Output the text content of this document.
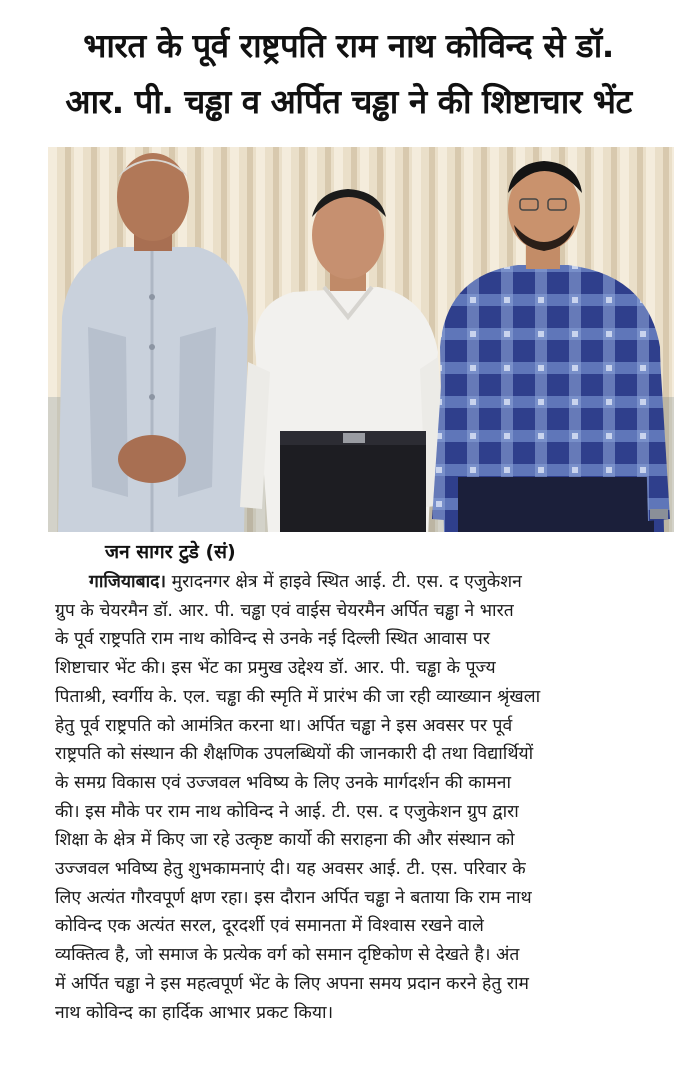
भारत के पूर्व राष्ट्रपति राम नाथ कोविन्द से डॉ.
आर. पी. चड्ढा व अर्पित चड्ढा ने की शिष्टाचार भेंट

जन सागर टुडे (सं)

गाजियाबाद। मुरादनगर क्षेत्र में हाइवे स्थित आई. टी. एस. द एजुकेशन
ग्रुप के चेयरमैन डॉ. आर. पी. चड्ढा एवं वाईस चेयरमैन अर्पित चड्ढा ने भारत
के पूर्व राष्ट्रपति राम नाथ कोविन्द से उनके नई दिल्ली स्थित आवास पर
शिष्टाचार भेंट की। इस भेंट का प्रमुख उद्देश्य डॉ. आर. पी. चड्ढा के पूज्य
पिताश्री, स्वर्गीय के. एल. चड्ढा की स्मृति में प्रारंभ की जा रही व्याख्यान श्रृंखला
हेतु पूर्व राष्ट्रपति को आमंत्रित करना था। अर्पित चड्ढा ने इस अवसर पर पूर्व
राष्ट्रपति को संस्थान की शैक्षणिक उपलब्धियों की जानकारी दी तथा विद्यार्थियों
के समग्र विकास एवं उज्जवल भविष्य के लिए उनके मार्गदर्शन की कामना
की। इस मौके पर राम नाथ कोविन्द ने आई. टी. एस. द एजुकेशन ग्रुप द्वारा
शिक्षा के क्षेत्र में किए जा रहे उत्कृष्ट कार्यो की सराहना की और संस्थान को
उज्जवल भविष्य हेतु शुभकामनाएं दी। यह अवसर आई. टी. एस. परिवार के
लिए अत्यंत गौरवपूर्ण क्षण रहा। इस दौरान अर्पित चड्ढा ने बताया कि राम नाथ
कोविन्द एक अत्यंत सरल, दूरदर्शी एवं समानता में विश्वास रखने वाले
व्यक्तित्व है, जो समाज के प्रत्येक वर्ग को समान दृष्टिकोण से देखते है। अंत
में अर्पित चड्ढा ने इस महत्वपूर्ण भेंट के लिए अपना समय प्रदान करने हेतु राम
नाथ कोविन्द का हार्दिक आभार प्रकट किया।
